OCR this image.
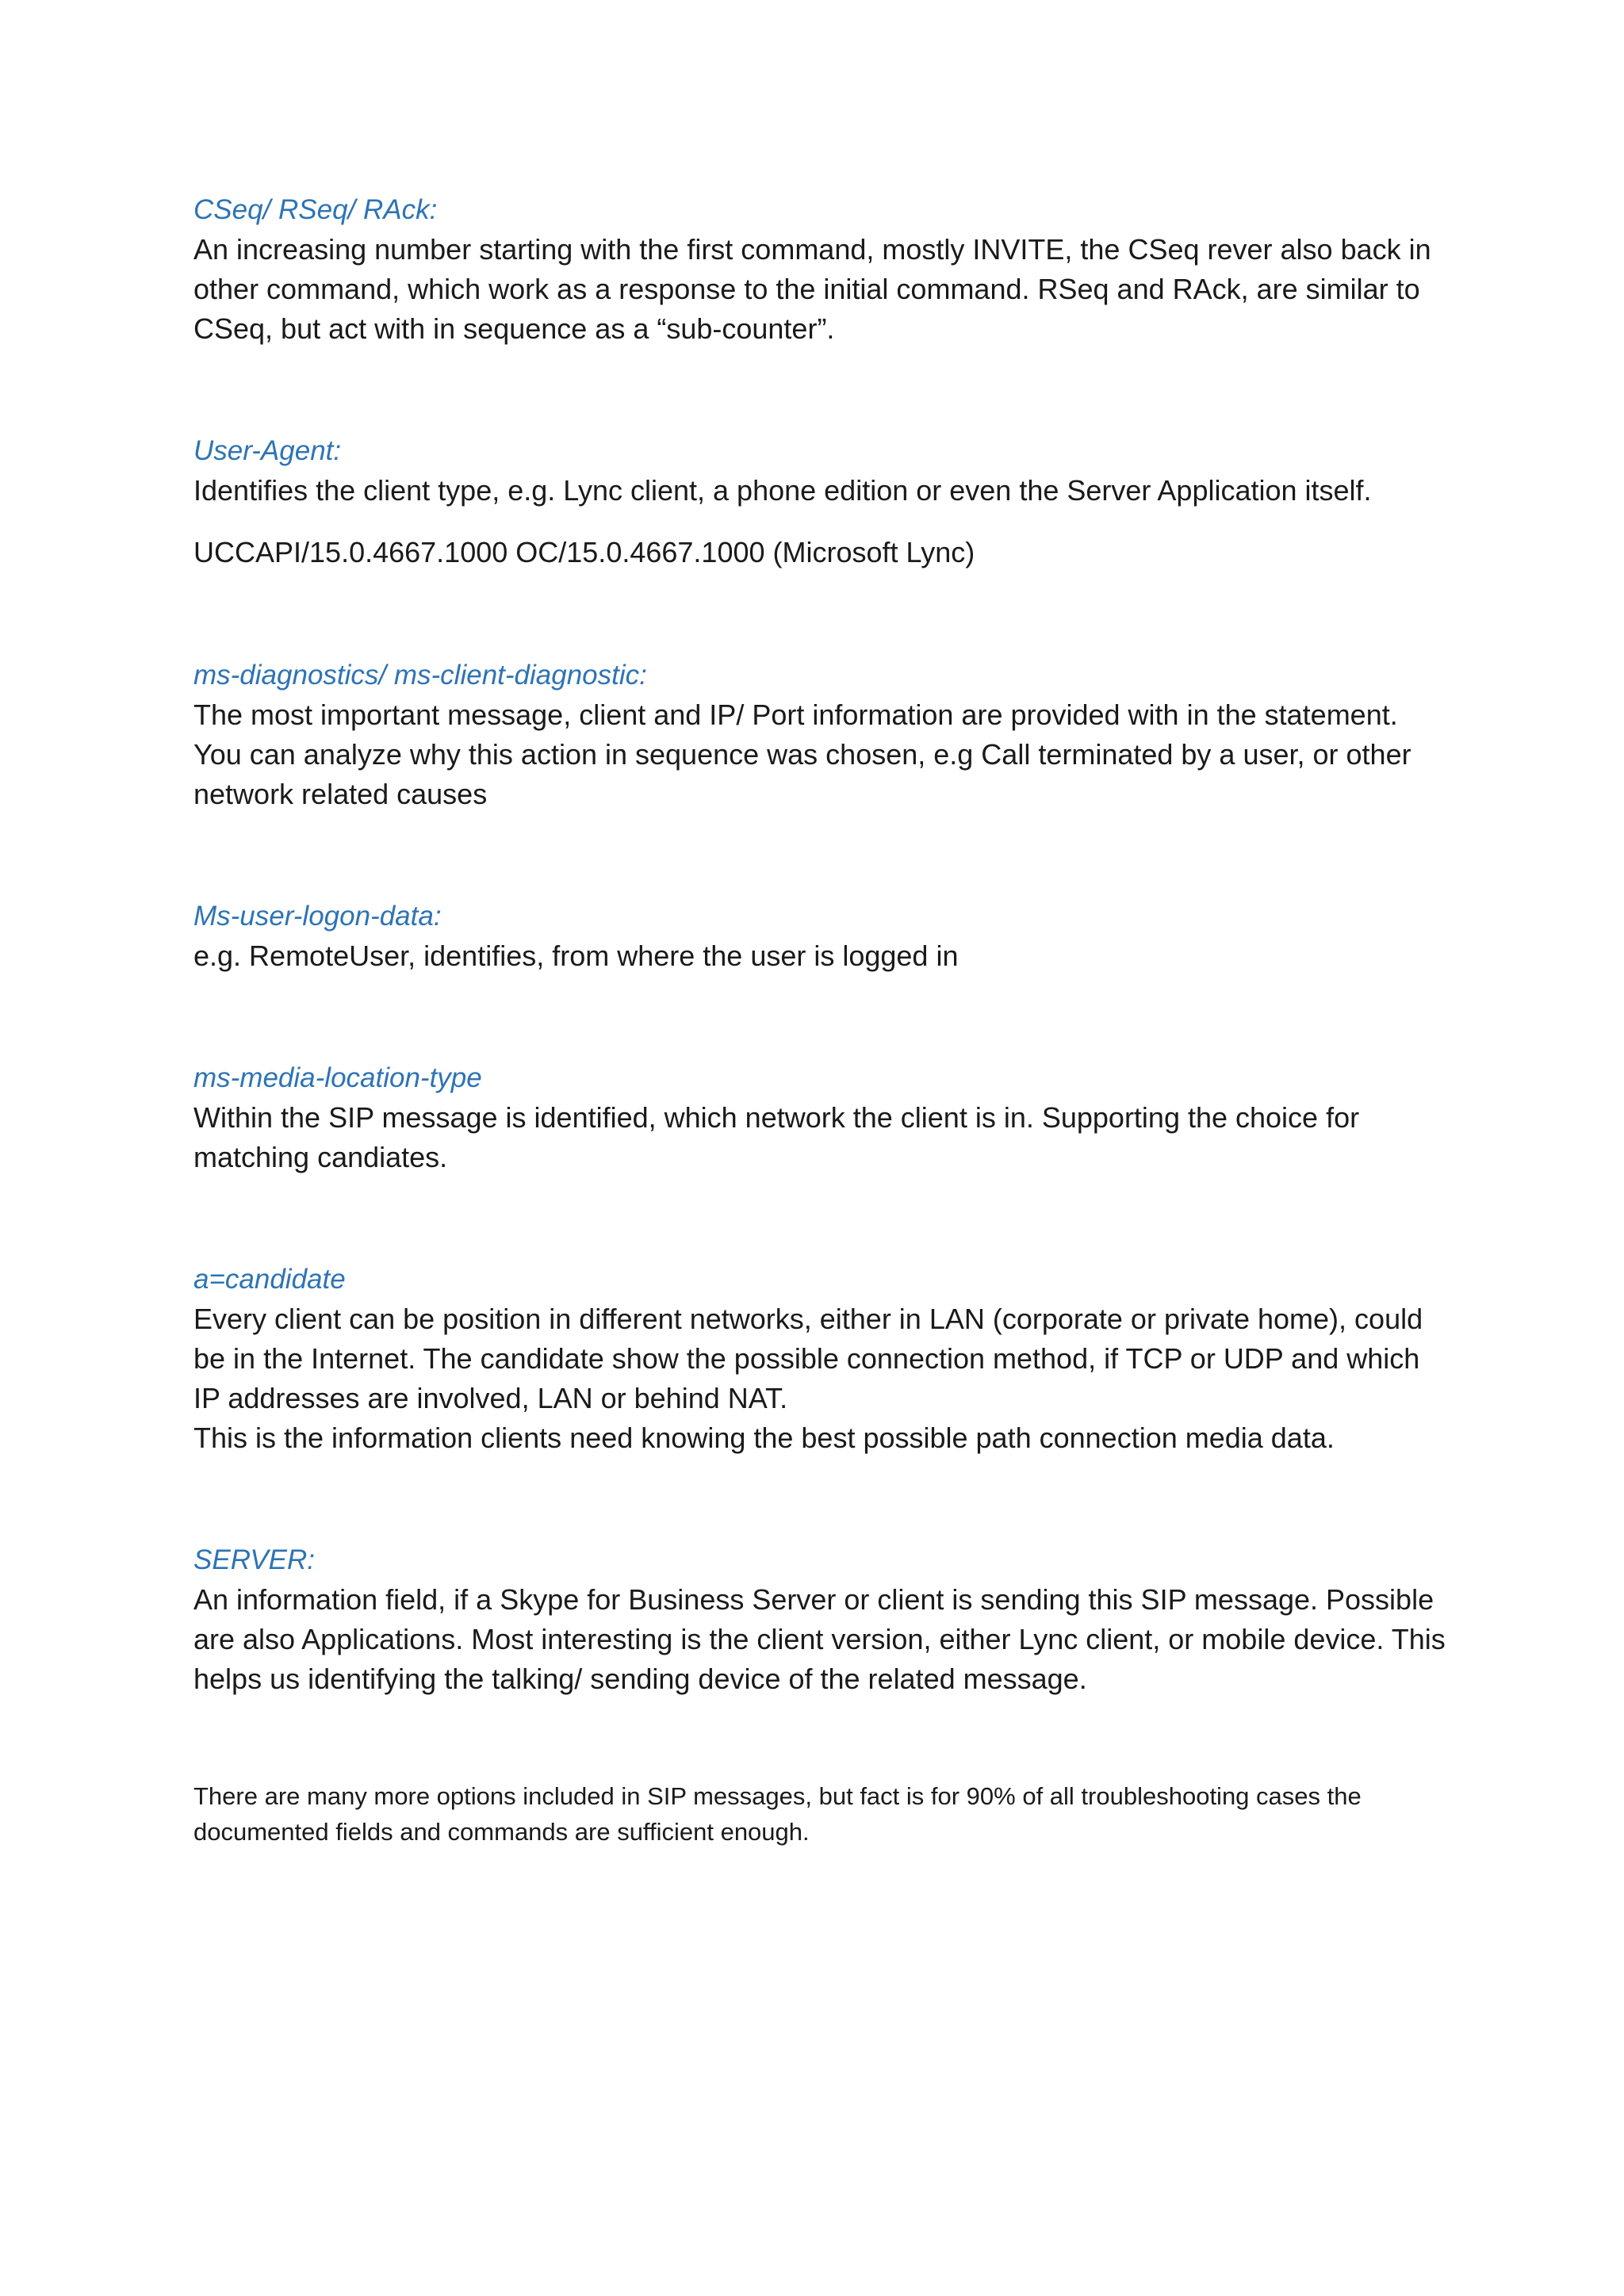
CSeq/ RSeq/ RAck:

An increasing number starting with the first command, mostly INVITE, the CSeq rever also back in other command, which work as a response to the initial command. RSeq and RAck, are similar to CSeq, but act with in sequence as a “sub-counter”.

User-Agent:

Identifies the client type, e.g. Lync client, a phone edition or even the Server Application itself.

UCCAPI/15.0.4667.1000 OC/15.0.4667.1000 (Microsoft Lync)

ms-diagnostics/ ms-client-diagnostic:

The most important message, client and IP/ Port information are provided with in the statement. You can analyze why this action in sequence was chosen, e.g Call terminated by a user, or other network related causes

Ms-user-logon-data:

e.g. RemoteUser, identifies, from where the user is logged in

ms-media-location-type

Within the SIP message is identified, which network the client is in. Supporting the choice for matching candiates.

a=candidate

Every client can be position in different networks, either in LAN (corporate or private home), could be in the Internet. The candidate show the possible connection method, if TCP or UDP and which IP addresses are involved, LAN or behind NAT.

This is the information clients need knowing the best possible path connection media data.

SERVER:

An information field, if a Skype for Business Server or client is sending this SIP message. Possible are also Applications. Most interesting is the client version, either Lync client, or mobile device. This helps us identifying the talking/ sending device of the related message.

There are many more options included in SIP messages, but fact is for 90% of all troubleshooting cases the documented fields and commands are sufficient enough.
